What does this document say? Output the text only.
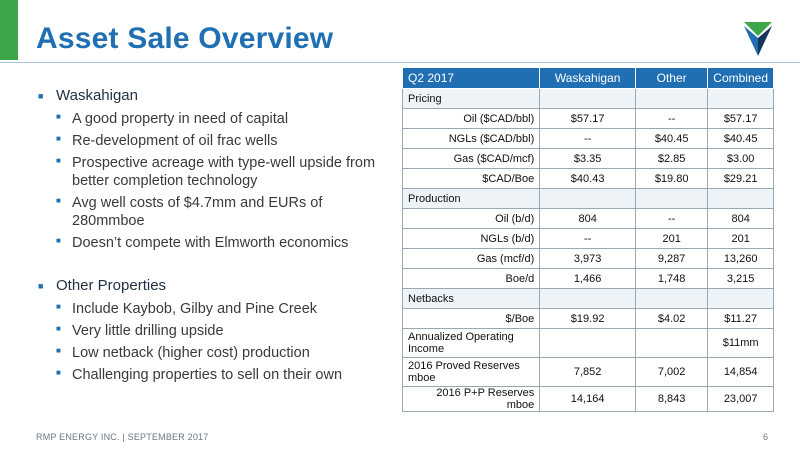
Asset Sale Overview
■ Waskahigan
■ A good property in need of capital
■ Re-development of oil frac wells
■ Prospective acreage with type-well upside from better completion technology
■ Avg well costs of $4.7mm and EURs of 280mmboe
■ Doesn’t compete with Elmworth economics
■ Other Properties
■ Include Kaybob, Gilby and Pine Creek
■ Very little drilling upside
■ Low netback (higher cost) production
■ Challenging properties to sell on their own
Q2 2017	Waskahigan	Other	Combined
Pricing			
Oil ($CAD/bbl)	$57.17	--	$57.17
NGLs ($CAD/bbl)	--	$40.45	$40.45
Gas ($CAD/mcf)	$3.35	$2.85	$3.00
$CAD/Boe	$40.43	$19.80	$29.21
Production			
Oil (b/d)	804	--	804
NGLs (b/d)	--	201	201
Gas (mcf/d)	3,973	9,287	13,260
Boe/d	1,466	1,748	3,215
Netbacks			
$/Boe	$19.92	$4.02	$11.27
Annualized Operating Income			$11mm
2016 Proved Reserves mboe	7,852	7,002	14,854
2016 P+P Reserves mboe	14,164	8,843	23,007
RMP ENERGY INC. | SEPTEMBER 2017	6
